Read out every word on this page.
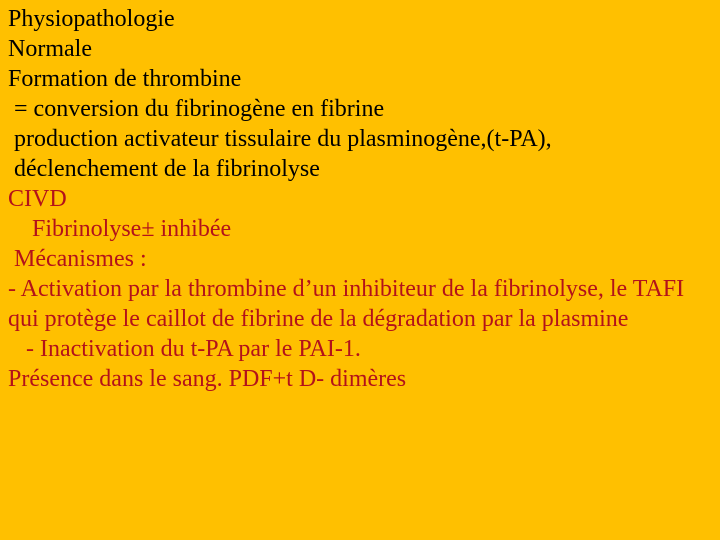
Physiopathologie
Normale
Formation de thrombine
= conversion du fibrinogène en fibrine
production activateur tissulaire du plasminogène,(t-PA),
déclenchement de la fibrinolyse
CIVD
Fibrinolyse± inhibée
Mécanismes :
- Activation par la thrombine d’un inhibiteur de la fibrinolyse, le TAFI qui protège le caillot de fibrine de la dégradation par la plasmine
- Inactivation du t-PA par le PAI-1.
Présence dans le sang. PDF+t D- dimères
